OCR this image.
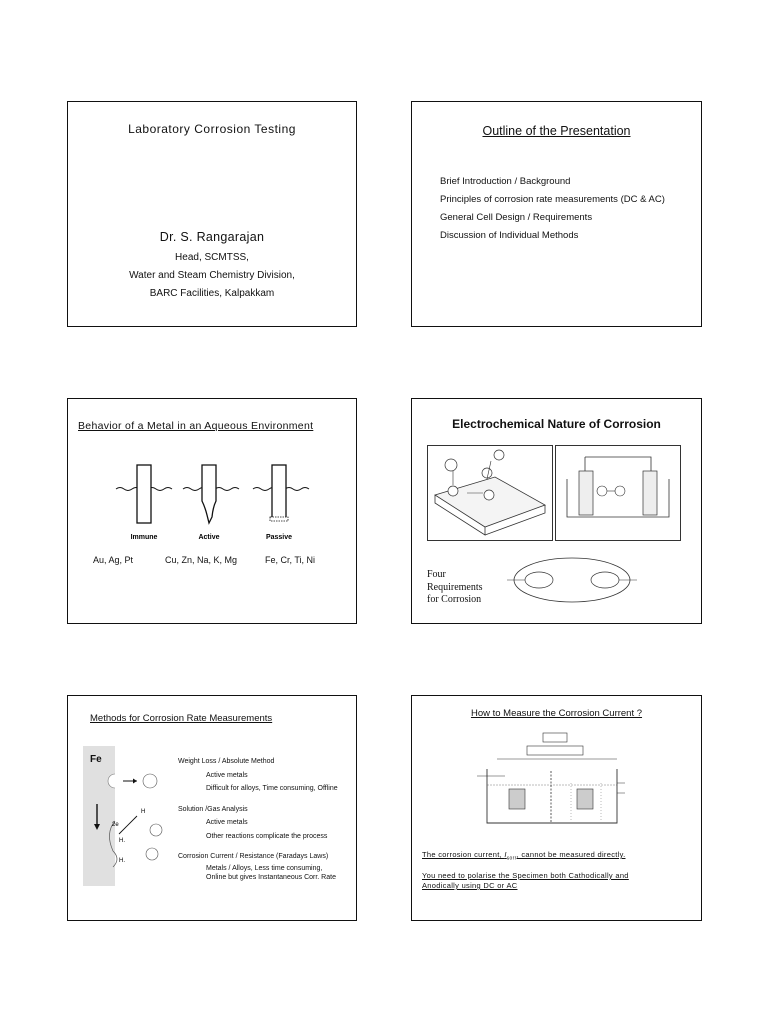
Laboratory Corrosion Testing
Dr. S. Rangarajan
Head, SCMTSS,
Water and Steam Chemistry Division,
BARC Facilities, Kalpakkam
Outline of the Presentation
Brief Introduction / Background
Principles of corrosion rate measurements (DC & AC)
General Cell Design / Requirements
Discussion of Individual Methods
Behavior of a Metal in an Aqueous Environment
Immune	Active	Passive
Au, Ag, Pt	Cu, Zn, Na, K, Mg	Fe, Cr, Ti, Ni
Electrochemical Nature of Corrosion
Four
Requirements
for Corrosion
Methods for Corrosion Rate Measurements
H
2e
H.
H.
Fe	Weight Loss / Absolute Method
Active metals
Difficult for alloys, Time consuming, Offline
Solution /Gas Analysis
Active metals
Other reactions complicate the process
Corrosion Current / Resistance (Faradays Laws)
Metals / Alloys, Less time consuming,
Online but gives Instantaneous Corr. Rate
How to Measure the Corrosion Current ?
The corrosion current, $I_{corr}$, cannot be measured directly.
You need to polarise the Specimen both Cathodically and
Anodically using DC or AC
